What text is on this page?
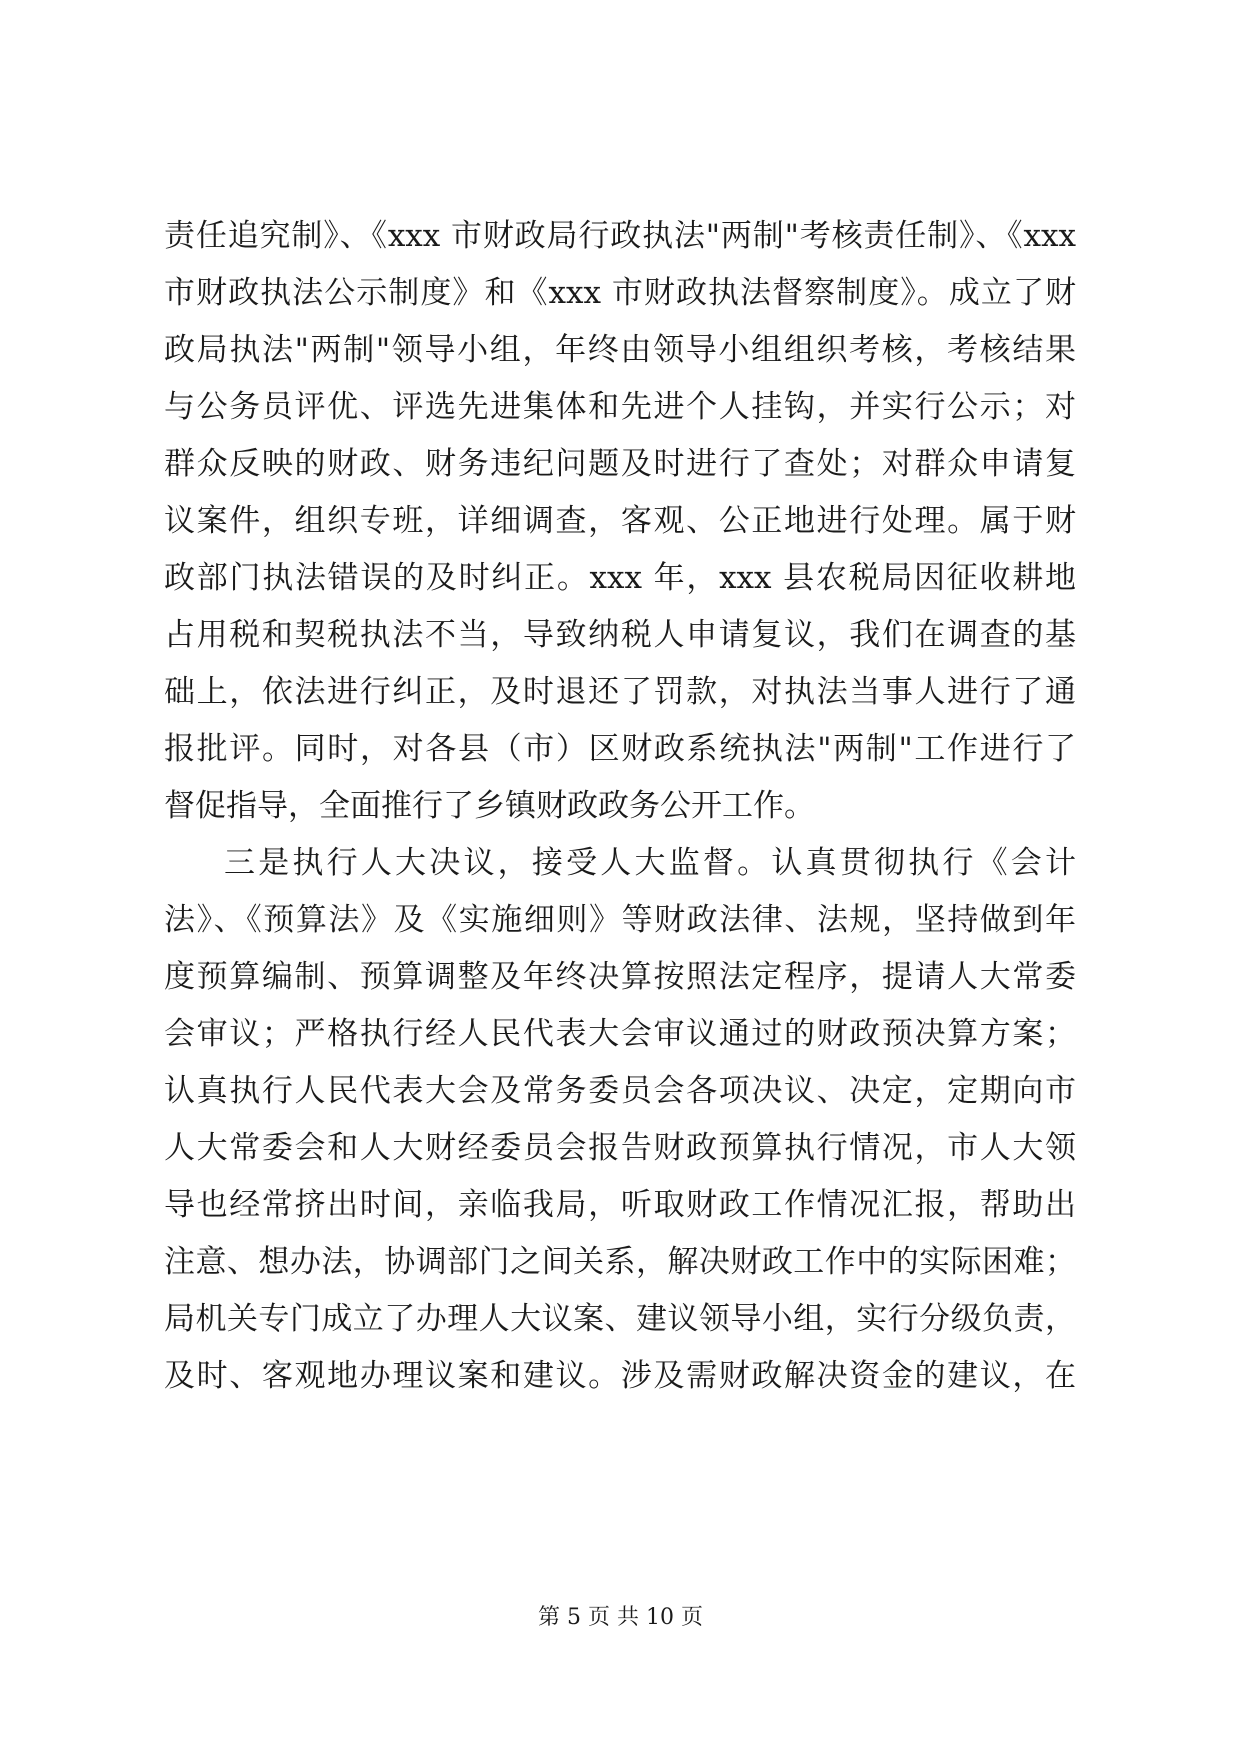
责任追究制》、《xxx 市财政局行政执法"两制"考核责任制》、《xxx
市财政执法公示制度》和《xxx 市财政执法督察制度》。成立了财
政局执法"两制"领导小组，年终由领导小组组织考核，考核结果
与公务员评优、评选先进集体和先进个人挂钩，并实行公示；对
群众反映的财政、财务违纪问题及时进行了查处；对群众申请复
议案件，组织专班，详细调查，客观、公正地进行处理。属于财
政部门执法错误的及时纠正。xxx 年，xxx 县农税局因征收耕地
占用税和契税执法不当，导致纳税人申请复议，我们在调查的基
础上，依法进行纠正，及时退还了罚款，对执法当事人进行了通
报批评。同时，对各县（市）区财政系统执法"两制"工作进行了
督促指导，全面推行了乡镇财政政务公开工作。
三是执行人大决议，接受人大监督。认真贯彻执行《会计
法》、《预算法》及《实施细则》等财政法律、法规，坚持做到年
度预算编制、预算调整及年终决算按照法定程序，提请人大常委
会审议；严格执行经人民代表大会审议通过的财政预决算方案；
认真执行人民代表大会及常务委员会各项决议、决定，定期向市
人大常委会和人大财经委员会报告财政预算执行情况，市人大领
导也经常挤出时间，亲临我局，听取财政工作情况汇报，帮助出
注意、想办法，协调部门之间关系，解决财政工作中的实际困难；
局机关专门成立了办理人大议案、建议领导小组，实行分级负责，
及时、客观地办理议案和建议。涉及需财政解决资金的建议，在
第 5 页 共 10 页
